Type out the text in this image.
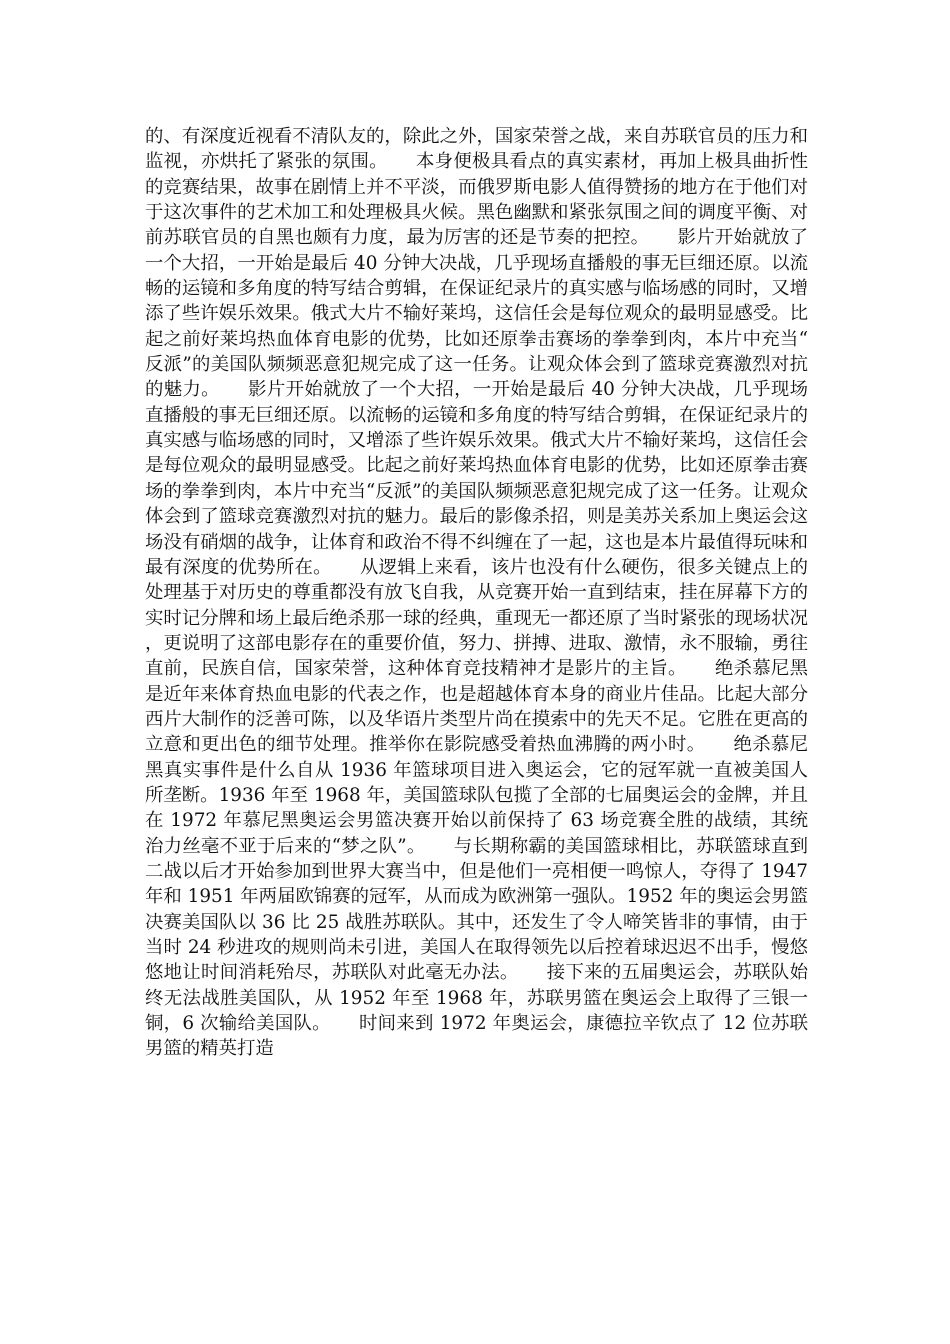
的、有深度近视看不清队友的，除此之外，国家荣誉之战，来自苏联官员的压力和监视，亦烘托了紧张的氛围。　　本身便极具看点的真实素材，再加上极具曲折性的竞赛结果，故事在剧情上并不平淡，而俄罗斯电影人值得赞扬的地方在于他们对于这次事件的艺术加工和处理极具火候。黑色幽默和紧张氛围之间的调度平衡、对前苏联官员的自黑也颇有力度，最为厉害的还是节奏的把控。　　影片开始就放了一个大招，一开始是最后 40 分钟大决战，几乎现场直播般的事无巨细还原。以流畅的运镜和多角度的特写结合剪辑，在保证纪录片的真实感与临场感的同时，又增添了些许娱乐效果。俄式大片不输好莱坞，这信任会是每位观众的最明显感受。比起之前好莱坞热血体育电影的优势，比如还原拳击赛场的拳拳到肉，本片中充当“反派”的美国队频频恶意犯规完成了这一任务。让观众体会到了篮球竞赛激烈对抗的魅力。　　影片开始就放了一个大招，一开始是最后 40 分钟大决战，几乎现场直播般的事无巨细还原。以流畅的运镜和多角度的特写结合剪辑，在保证纪录片的真实感与临场感的同时，又增添了些许娱乐效果。俄式大片不输好莱坞，这信任会是每位观众的最明显感受。比起之前好莱坞热血体育电影的优势，比如还原拳击赛场的拳拳到肉，本片中充当“反派”的美国队频频恶意犯规完成了这一任务。让观众体会到了篮球竞赛激烈对抗的魅力。最后的影像杀招，则是美苏关系加上奥运会这场没有硝烟的战争，让体育和政治不得不纠缠在了一起，这也是本片最值得玩味和最有深度的优势所在。　　从逻辑上来看，该片也没有什么硬伤，很多关键点上的处理基于对历史的尊重都没有放飞自我，从竞赛开始一直到结束，挂在屏幕下方的实时记分牌和场上最后绝杀那一球的经典，重现无一都还原了当时紧张的现场状况，更说明了这部电影存在的重要价值，努力、拼搏、进取、激情，永不服输，勇往直前，民族自信，国家荣誉，这种体育竞技精神才是影片的主旨。　　绝杀慕尼黑是近年来体育热血电影的代表之作，也是超越体育本身的商业片佳品。比起大部分西片大制作的泛善可陈，以及华语片类型片尚在摸索中的先天不足。它胜在更高的立意和更出色的细节处理。推举你在影院感受着热血沸腾的两小时。　　绝杀慕尼黑真实事件是什么自从 1936 年篮球项目进入奥运会，它的冠军就一直被美国人所垄断。1936 年至 1968 年，美国篮球队包揽了全部的七届奥运会的金牌，并且在 1972 年慕尼黑奥运会男篮决赛开始以前保持了 63 场竞赛全胜的战绩，其统治力丝毫不亚于后来的“梦之队”。　　与长期称霸的美国篮球相比，苏联篮球直到二战以后才开始参加到世界大赛当中，但是他们一亮相便一鸣惊人，夺得了 1947 年和 1951 年两届欧锦赛的冠军，从而成为欧洲第一强队。1952 年的奥运会男篮决赛美国队以 36 比 25 战胜苏联队。其中，还发生了令人啼笑皆非的事情，由于当时 24 秒进攻的规则尚未引进，美国人在取得领先以后控着球迟迟不出手，慢悠悠地让时间消耗殆尽，苏联队对此毫无办法。　　接下来的五届奥运会，苏联队始终无法战胜美国队，从 1952 年至 1968 年，苏联男篮在奥运会上取得了三银一铜，6 次输给美国队。　　时间来到 1972 年奥运会，康德拉辛钦点了 12 位苏联男篮的精英打造
